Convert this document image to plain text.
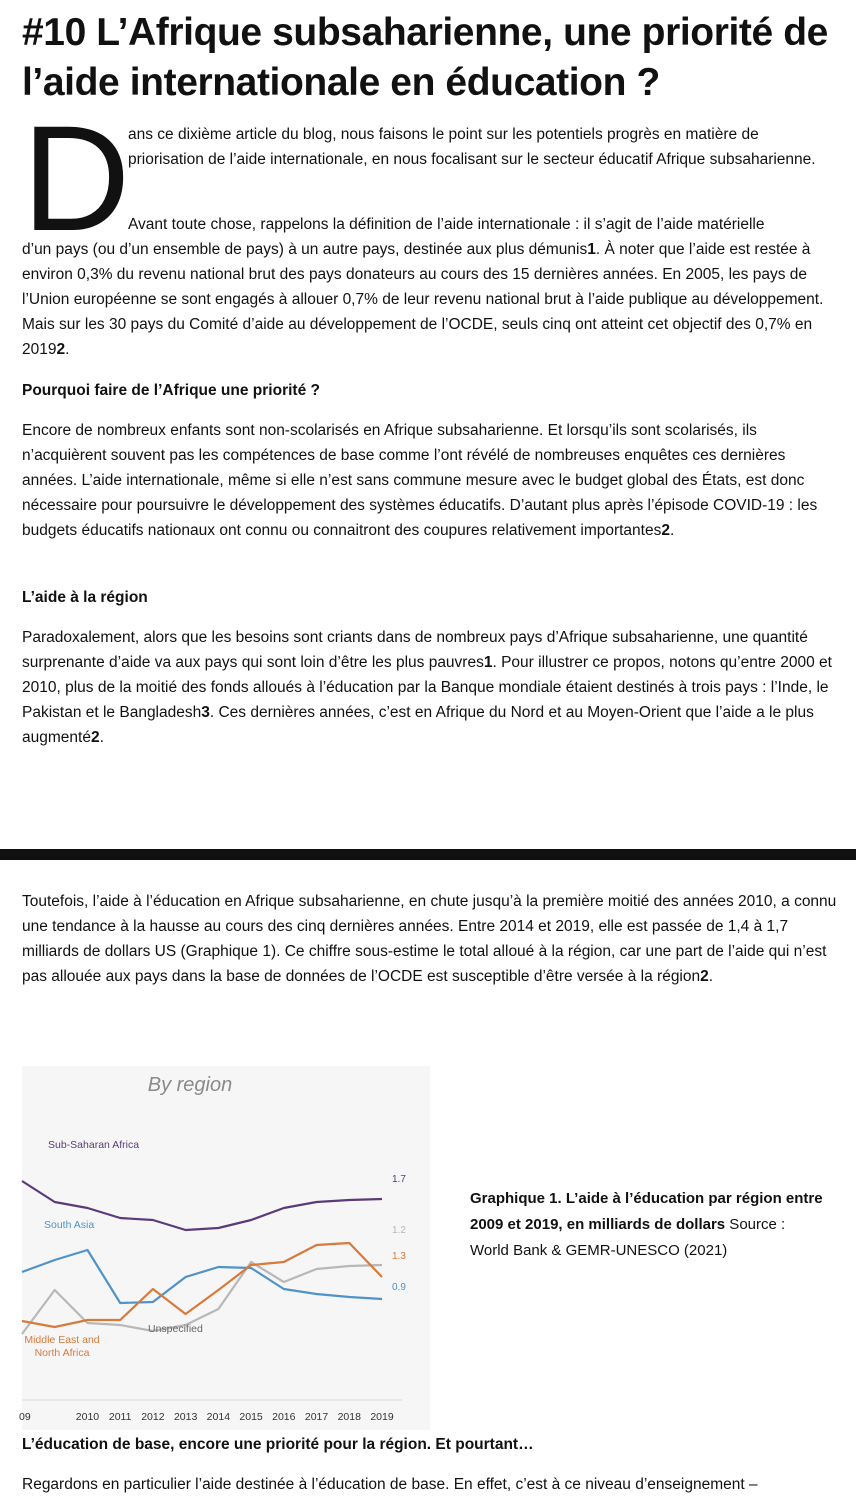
#10 L’Afrique subsaharienne, une priorité de l’aide internationale en éducation ?
D
ans ce dixième article du blog, nous faisons le point sur les potentiels progrès en matière de priorisation de l’aide internationale, en nous focalisant sur le secteur éducatif Afrique subsaharienne.

Avant toute chose, rappelons la définition de l’aide internationale : il s’agit de l’aide matérielle

d’un pays (ou d’un ensemble de pays) à un autre pays, destinée aux plus démunis1. À noter que l’aide est restée à environ 0,3% du revenu national brut des pays donateurs au cours des 15 dernières années. En 2005, les pays de l’Union européenne se sont engagés à allouer 0,7% de leur revenu national brut à l’aide publique au développement. Mais sur les 30 pays du Comité d’aide au développement de l’OCDE, seuls cinq ont atteint cet objectif des 0,7% en 20192.

Pourquoi faire de l’Afrique une priorité ?

Encore de nombreux enfants sont non-scolarisés en Afrique subsaharienne. Et lorsqu’ils sont scolarisés, ils n’acquièrent souvent pas les compétences de base comme l’ont révélé de nombreuses enquêtes ces dernières années. L’aide internationale, même si elle n’est sans commune mesure avec le budget global des États, est donc nécessaire pour poursuivre le développement des systèmes éducatifs. D’autant plus après l’épisode COVID-19 : les budgets éducatifs nationaux ont connu ou connaitront des coupures relativement importantes2.

L’aide à la région

Paradoxalement, alors que les besoins sont criants dans de nombreux pays d’Afrique subsaharienne, une quantité surprenante d’aide va aux pays qui sont loin d’être les plus pauvres1. Pour illustrer ce propos, notons qu’entre 2000 et 2010, plus de la moitié des fonds alloués à l’éducation par la Banque mondiale étaient destinés à trois pays : l’Inde, le Pakistan et le Bangladesh3. Ces dernières années, c’est en Afrique du Nord et au Moyen-Orient que l’aide a le plus augmenté2.

Toutefois, l’aide à l’éducation en Afrique subsaharienne, en chute jusqu’à la première moitié des années 2010, a connu une tendance à la hausse au cours des cinq dernières années. Entre 2014 et 2019, elle est passée de 1,4 à 1,7 milliards de dollars US (Graphique 1). Ce chiffre sous-estime le total alloué à la région, car une part de l’aide qui n’est pas allouée aux pays dans la base de données de l’OCDE est susceptible d’être versée à la région2.

By region
1.7
0.9
1.3
1.2
Sub-Saharan Africa
South Asia
Unspecified
Middle East and
North Africa
09	2010 2011 2012 2013 2014 2015 2016 2017 2018 2019
Graphique 1. L’aide à l’éducation par région entre
2009 et 2019, en milliards de dollars Source :
World Bank & GEMR-UNESCO (2021)
L’éducation de base, encore une priorité pour la région. Et pourtant…

Regardons en particulier l’aide destinée à l’éducation de base. En effet, c’est à ce niveau d’enseignement –
